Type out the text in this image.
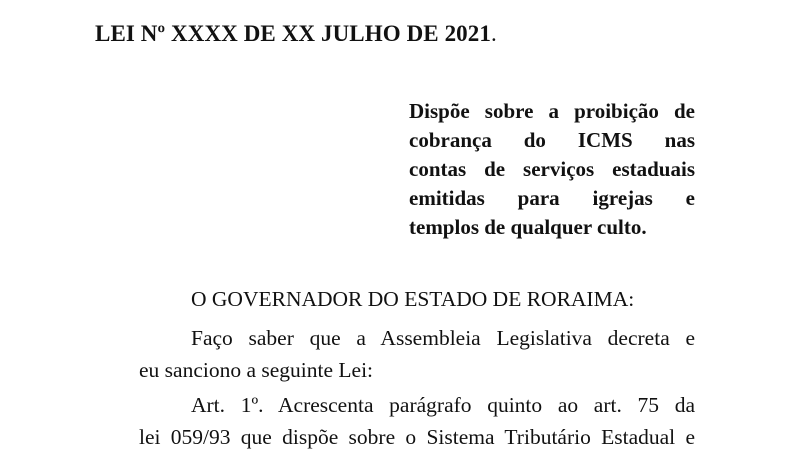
LEI Nº XXXX DE XX JULHO DE 2021.
Dispõe sobre a proibição de
cobrança do ICMS nas
contas de serviços estaduais
emitidas para igrejas e
templos de qualquer culto.
O GOVERNADOR DO ESTADO DE RORAIMA:
Faço saber que a Assembleia Legislativa decreta e
eu sanciono a seguinte Lei:
Art. 1º. Acrescenta parágrafo quinto ao art. 75 da
lei 059/93 que dispõe sobre o Sistema Tributário Estadual e
